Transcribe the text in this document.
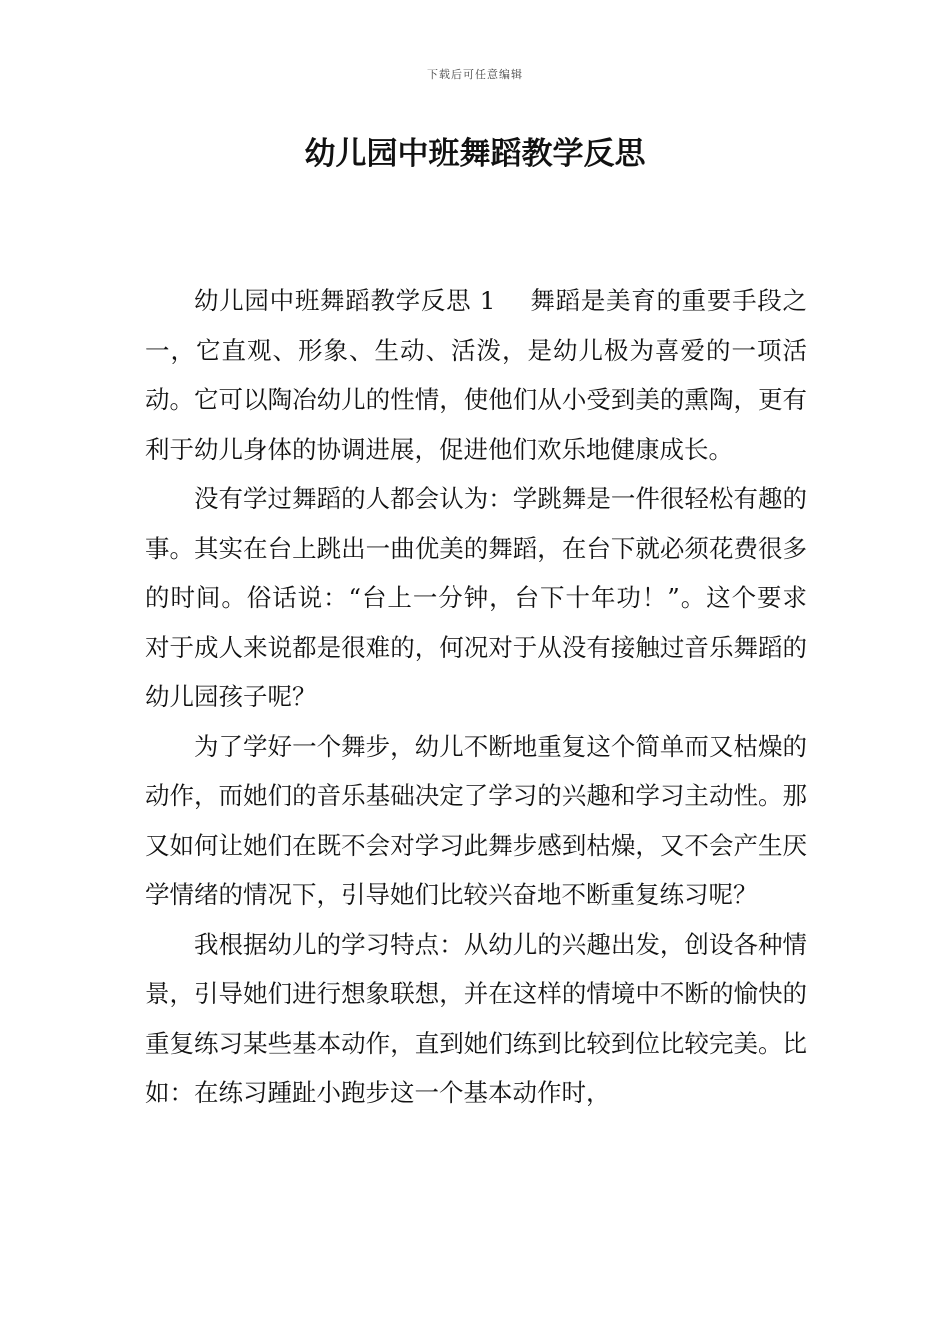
下载后可任意编辑
幼儿园中班舞蹈教学反思

幼儿园中班舞蹈教学反思 1 舞蹈是美育的重要手段之一，它直观、形象、生动、活泼，是幼儿极为喜爱的一项活动。它可以陶冶幼儿的性情，使他们从小受到美的熏陶，更有利于幼儿身体的协调进展，促进他们欢乐地健康成长。

没有学过舞蹈的人都会认为：学跳舞是一件很轻松有趣的事。其实在台上跳出一曲优美的舞蹈，在台下就必须花费很多的时间。俗话说：“台上一分钟，台下十年功！”。这个要求对于成人来说都是很难的，何况对于从没有接触过音乐舞蹈的幼儿园孩子呢？

为了学好一个舞步，幼儿不断地重复这个简单而又枯燥的动作，而她们的音乐基础决定了学习的兴趣和学习主动性。那又如何让她们在既不会对学习此舞步感到枯燥，又不会产生厌学情绪的情况下，引导她们比较兴奋地不断重复练习呢？

我根据幼儿的学习特点：从幼儿的兴趣出发，创设各种情景，引导她们进行想象联想，并在这样的情境中不断的愉快的重复练习某些基本动作，直到她们练到比较到位比较完美。比如：在练习踵趾小跑步这一个基本动作时，
